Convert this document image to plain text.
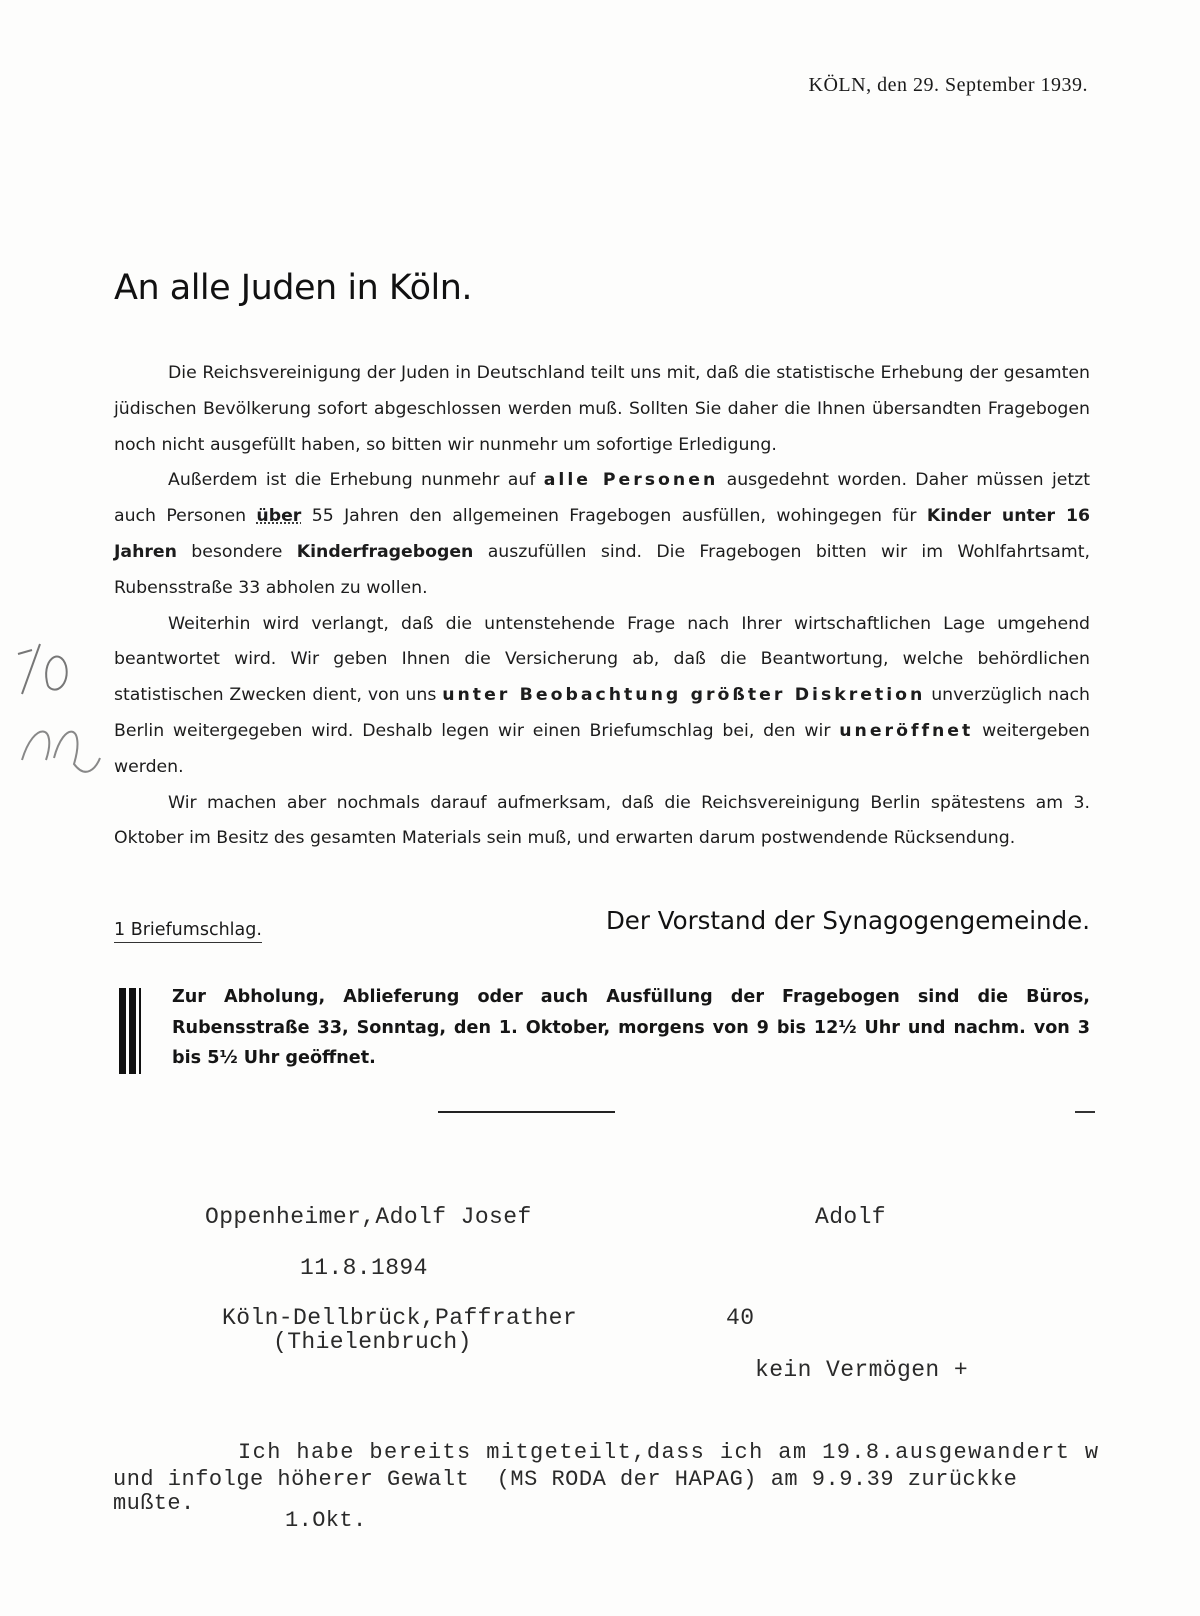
KÖLN, den 29. September 1939.
An alle Juden in Köln.

Die Reichsvereinigung der Juden in Deutschland teilt uns mit, daß die statistische Erhebung der gesamten jüdischen Bevölkerung sofort abgeschlossen werden muß. Sollten Sie daher die Ihnen übersandten Fragebogen noch nicht ausgefüllt haben, so bitten wir nunmehr um sofortige Erledigung.

Außerdem ist die Erhebung nunmehr auf alle Personen ausgedehnt worden. Daher müssen jetzt auch Personen über 55 Jahren den allgemeinen Fragebogen ausfüllen, wohingegen für Kinder unter 16 Jahren besondere Kinderfragebogen auszufüllen sind. Die Fragebogen bitten wir im Wohlfahrtsamt, Rubensstraße 33 abholen zu wollen.

Weiterhin wird verlangt, daß die untenstehende Frage nach Ihrer wirtschaftlichen Lage umgehend beantwortet wird. Wir geben Ihnen die Versicherung ab, daß die Beantwortung, welche behördlichen statistischen Zwecken dient, von uns unter Beobachtung größter Diskretion unverzüglich nach Berlin weitergegeben wird. Deshalb legen wir einen Briefumschlag bei, den wir uneröffnet weitergeben werden.

Wir machen aber nochmals darauf aufmerksam, daß die Reichsvereinigung Berlin spätestens am 3. Oktober im Besitz des gesamten Materials sein muß, und erwarten darum postwendende Rücksendung.

1 Briefumschlag.	Der Vorstand der Synagogengemeinde.
Zur Abholung, Ablieferung oder auch Ausfüllung der Fragebogen sind die Büros, Rubensstraße 33, Sonntag, den 1. Oktober, morgens von 9 bis 12½ Uhr und nachm. von 3 bis 5½ Uhr geöffnet.
Oppenheimer,Adolf Josef	Adolf
11.8.1894
Köln-Dellbrück,Paffrather	40
(Thielenbruch)
kein Vermögen +
Ich habe bereits mitgeteilt,dass ich am 19.8.ausgewandert w
und infolge höherer Gewalt  (MS RODA der HAPAG) am 9.9.39 zurückke
mußte.
1.Okt.
